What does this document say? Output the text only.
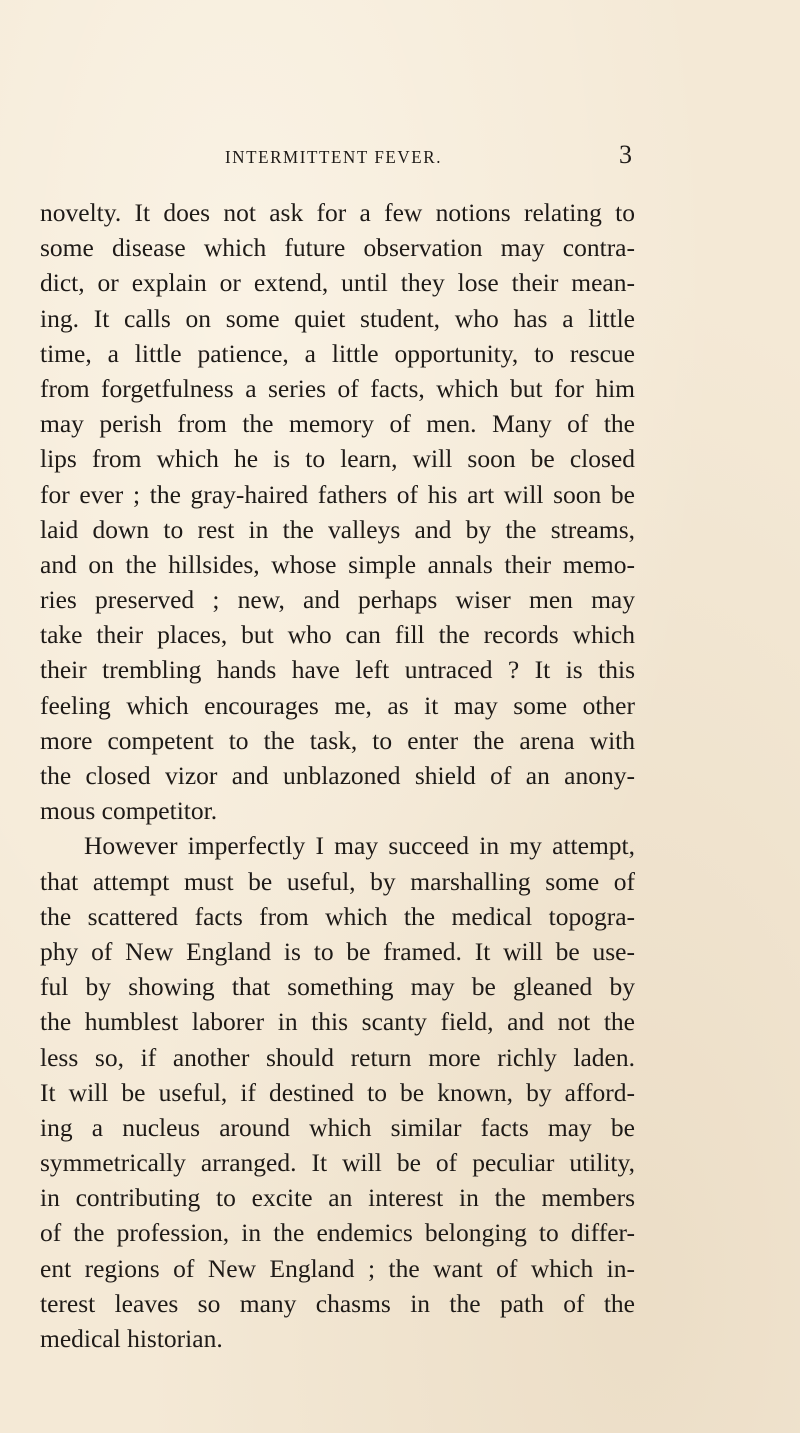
INTERMITTENT FEVER.	3
novelty. It does not ask for a few notions relating to
some disease which future observation may contra-
dict, or explain or extend, until they lose their mean-
ing. It calls on some quiet student, who has a little
time, a little patience, a little opportunity, to rescue
from forgetfulness a series of facts, which but for him
may perish from the memory of men. Many of the
lips from which he is to learn, will soon be closed
for ever ; the gray-haired fathers of his art will soon be
laid down to rest in the valleys and by the streams,
and on the hillsides, whose simple annals their memo-
ries preserved ; new, and perhaps wiser men may
take their places, but who can fill the records which
their trembling hands have left untraced ? It is this
feeling which encourages me, as it may some other
more competent to the task, to enter the arena with
the closed vizor and unblazoned shield of an anony-
mous competitor.
However imperfectly I may succeed in my attempt,
that attempt must be useful, by marshalling some of
the scattered facts from which the medical topogra-
phy of New England is to be framed. It will be use-
ful by showing that something may be gleaned by
the humblest laborer in this scanty field, and not the
less so, if another should return more richly laden.
It will be useful, if destined to be known, by afford-
ing a nucleus around which similar facts may be
symmetrically arranged. It will be of peculiar utility,
in contributing to excite an interest in the members
of the profession, in the endemics belonging to differ-
ent regions of New England ; the want of which in-
terest leaves so many chasms in the path of the
medical historian.
